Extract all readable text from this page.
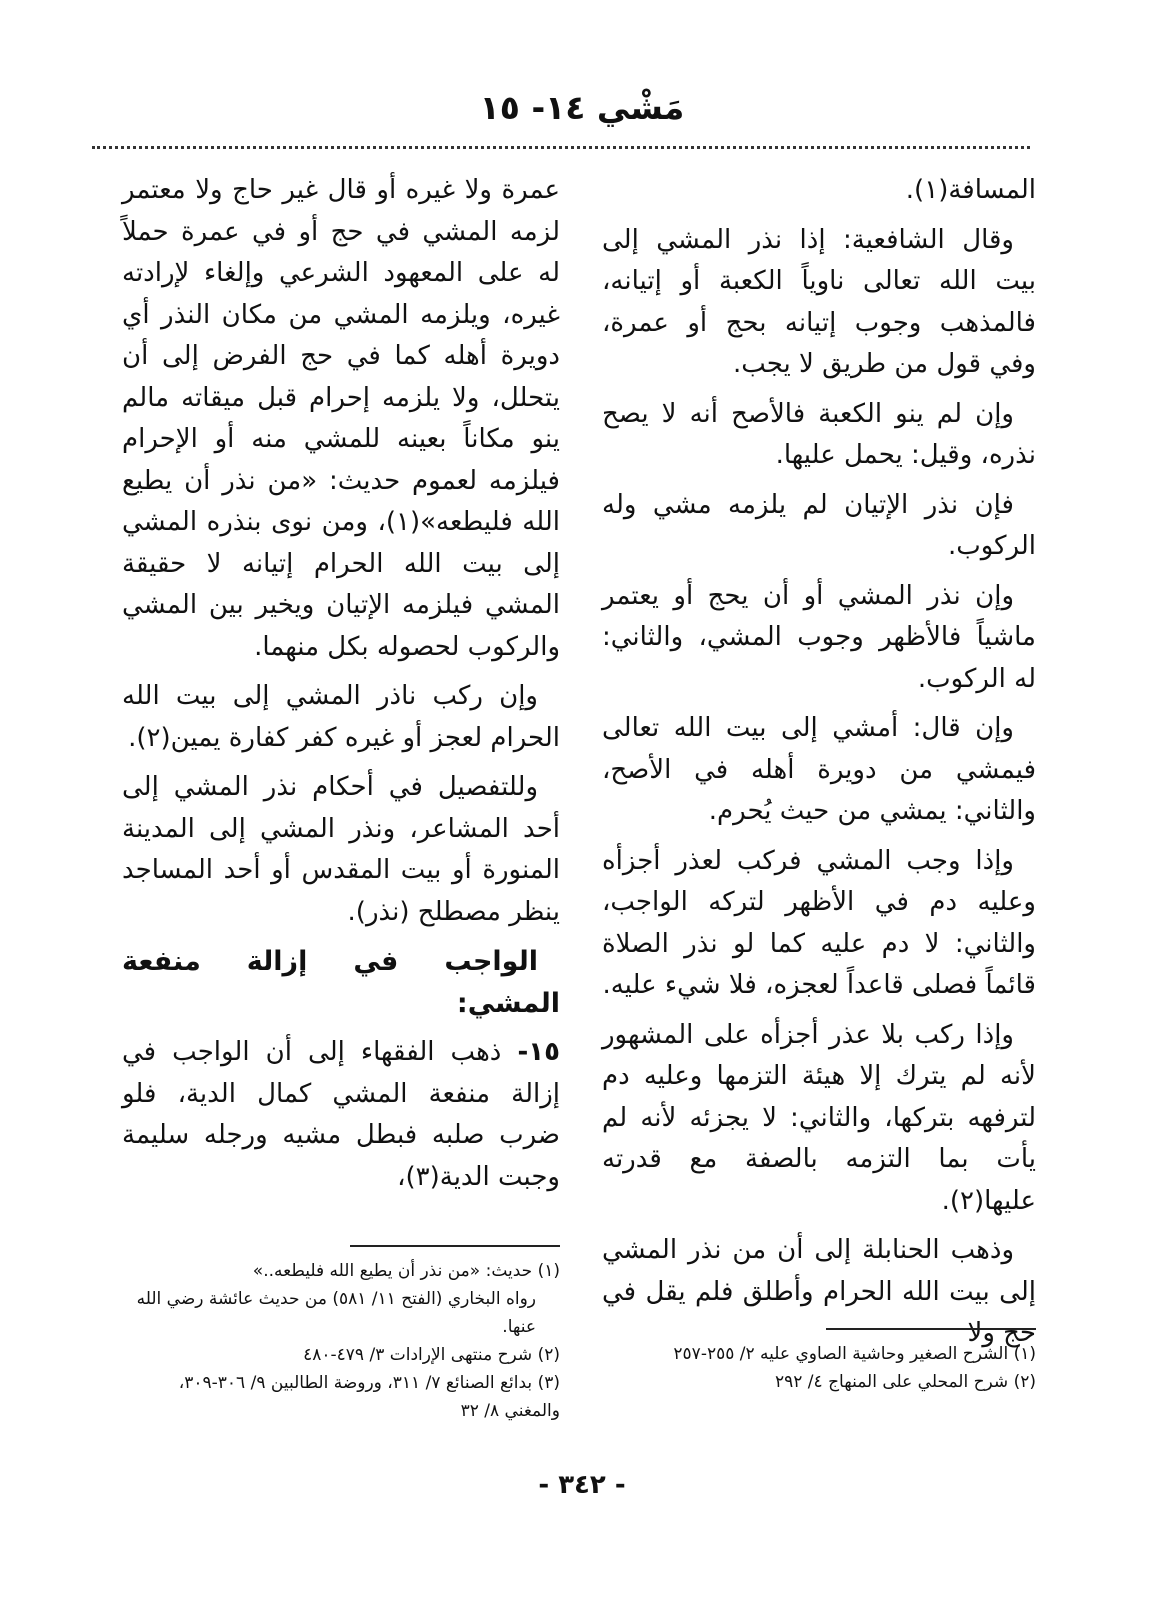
مَشْي ١٤- ١٥

المسافة(١).

وقال الشافعية: إذا نذر المشي إلى بيت الله تعالى ناوياً الكعبة أو إتيانه، فالمذهب وجوب إتيانه بحج أو عمرة، وفي قول من طريق لا يجب.

وإن لم ينو الكعبة فالأصح أنه لا يصح نذره، وقيل: يحمل عليها.

فإن نذر الإتيان لم يلزمه مشي وله الركوب.

وإن نذر المشي أو أن يحج أو يعتمر ماشياً فالأظهر وجوب المشي، والثاني: له الركوب.

وإن قال: أمشي إلى بيت الله تعالى فيمشي من دويرة أهله في الأصح، والثاني: يمشي من حيث يُحرم.

وإذا وجب المشي فركب لعذر أجزأه وعليه دم في الأظهر لتركه الواجب، والثاني: لا دم عليه كما لو نذر الصلاة قائماً فصلى قاعداً لعجزه، فلا شيء عليه.

وإذا ركب بلا عذر أجزأه على المشهور لأنه لم يترك إلا هيئة التزمها وعليه دم لترفهه بتركها، والثاني: لا يجزئه لأنه لم يأت بما التزمه بالصفة مع قدرته عليها(٢).

وذهب الحنابلة إلى أن من نذر المشي إلى بيت الله الحرام وأطلق فلم يقل في حج ولا

عمرة ولا غيره أو قال غير حاج ولا معتمر لزمه المشي في حج أو في عمرة حملاً له على المعهود الشرعي وإلغاء لإرادته غيره، ويلزمه المشي من مكان النذر أي دويرة أهله كما في حج الفرض إلى أن يتحلل، ولا يلزمه إحرام قبل ميقاته مالم ينو مكاناً بعينه للمشي منه أو الإحرام فيلزمه لعموم حديث: «من نذر أن يطيع الله فليطعه»(١)، ومن نوى بنذره المشي إلى بيت الله الحرام إتيانه لا حقيقة المشي فيلزمه الإتيان ويخير بين المشي والركوب لحصوله بكل منهما.

وإن ركب ناذر المشي إلى بيت الله الحرام لعجز أو غيره كفر كفارة يمين(٢).

وللتفصيل في أحكام نذر المشي إلى أحد المشاعر، ونذر المشي إلى المدينة المنورة أو بيت المقدس أو أحد المساجد ينظر مصطلح (نذر).

الواجب في إزالة منفعة المشي:

١٥- ذهب الفقهاء إلى أن الواجب في إزالة منفعة المشي كمال الدية، فلو ضرب صلبه فبطل مشيه ورجله سليمة وجبت الدية(٣)،

(١) حديث: «من نذر أن يطيع الله فليطعه..»

رواه البخاري (الفتح ١١/ ٥٨١) من حديث عائشة رضي الله عنها.

(٢) شرح منتهى الإرادات ٣/ ٤٧٩-٤٨٠

(٣) بدائع الصنائع ٧/ ٣١١، وروضة الطالبين ٩/ ٣٠٦-٣٠٩، والمغني ٨/ ٣٢

(١) الشرح الصغير وحاشية الصاوي عليه ٢/ ٢٥٥-٢٥٧

(٢) شرح المحلي على المنهاج ٤/ ٢٩٢

- ٣٤٢ -
